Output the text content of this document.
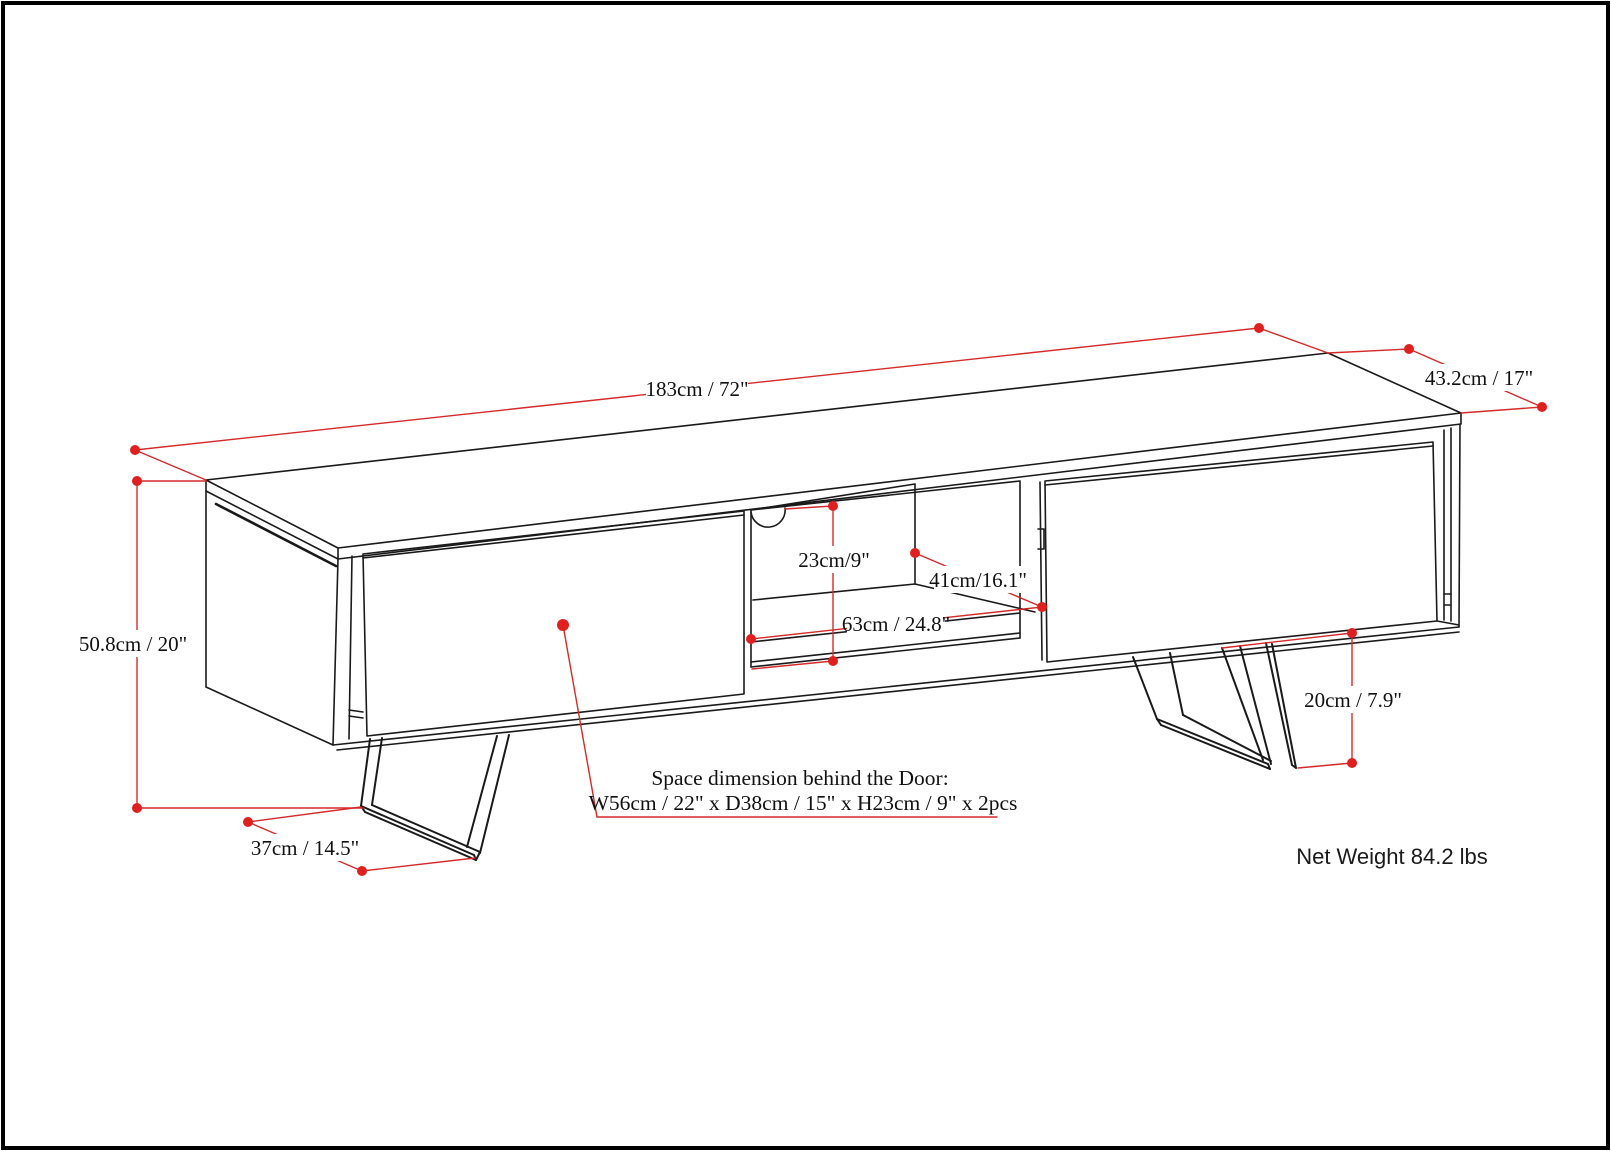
183cm / 72"	43.2cm / 17"
50.8cm / 20"
23cm/9"
41cm/16.1"
63cm / 24.8"
20cm / 7.9"
37cm / 14.5"
Space dimension behind the Door:
W56cm / 22" x D38cm / 15" x H23cm / 9" x 2pcs
Net Weight 84.2 lbs
